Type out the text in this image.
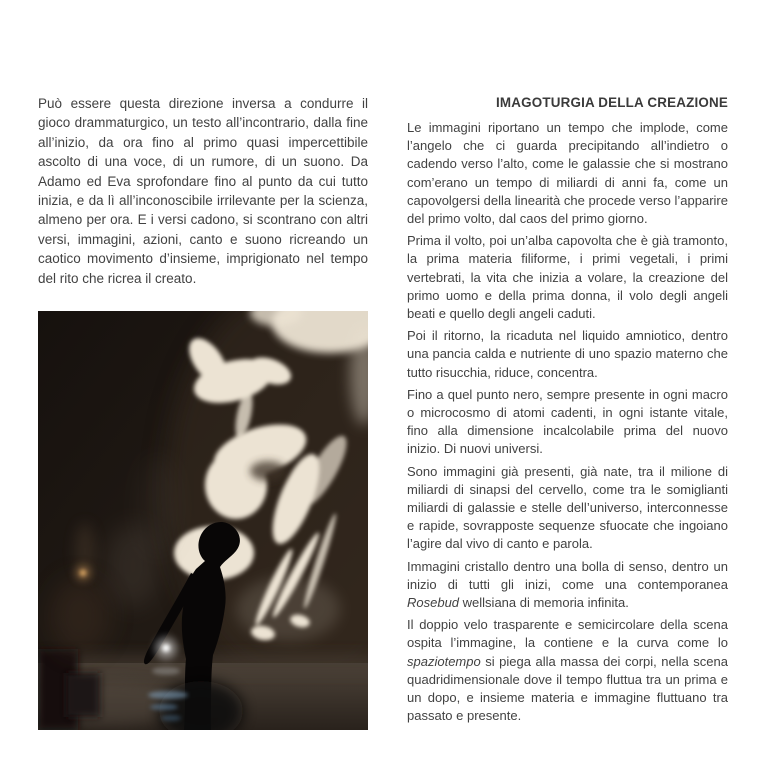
Può essere questa direzione inversa a condurre il gioco drammaturgico, un testo all’incontrario, dalla fine all’inizio, da ora fino al primo quasi impercettibile ascolto di una voce, di un rumore, di un suono. Da Adamo ed Eva sprofondare fino al punto da cui tutto inizia, e da lì all’inconoscibile irrilevante per la scienza, almeno per ora. E i versi cadono, si scontrano con altri versi, immagini, azioni, canto e suono ricreando un caotico movimento d’insieme, imprigionato nel tempo del rito che ricrea il creato.

IMAGOTURGIA DELLA CREAZIONE

Le immagini riportano un tempo che implode, come l’angelo che ci guarda precipitando all’indietro o cadendo verso l’alto, come le galassie che si mostrano com’erano un tempo di miliardi di anni fa, come un capovolgersi della linearità che procede verso l’apparire del primo volto, dal caos del primo giorno.

Prima il volto, poi un’alba capovolta che è già tramonto, la prima materia filiforme, i primi vegetali, i primi vertebrati, la vita che inizia a volare, la creazione del primo uomo e della prima donna, il volo degli angeli beati e quello degli angeli caduti.

Poi il ritorno, la ricaduta nel liquido amniotico, dentro una pancia calda e nutriente di uno spazio materno che tutto risucchia, riduce, concentra.

Fino a quel punto nero, sempre presente in ogni macro o microcosmo di atomi cadenti, in ogni istante vitale, fino alla dimensione incalcolabile prima del nuovo inizio. Di nuovi universi.

Sono immagini già presenti, già nate, tra il milione di miliardi di sinapsi del cervello, come tra le somiglianti miliardi di galassie e stelle dell’universo, interconnesse e rapide, sovrapposte sequenze sfuocate che ingoiano l’agire dal vivo di canto e parola.

Immagini cristallo dentro una bolla di senso, dentro un inizio di tutti gli inizi, come una contemporanea Rosebud wellsiana di memoria infinita.

Il doppio velo trasparente e semicircolare della scena ospita l’immagine, la contiene e la curva come lo spaziotempo si piega alla massa dei corpi, nella scena quadridimensionale dove il tempo fluttua tra un prima e un dopo, e insieme materia e immagine fluttuano tra passato e presente.
